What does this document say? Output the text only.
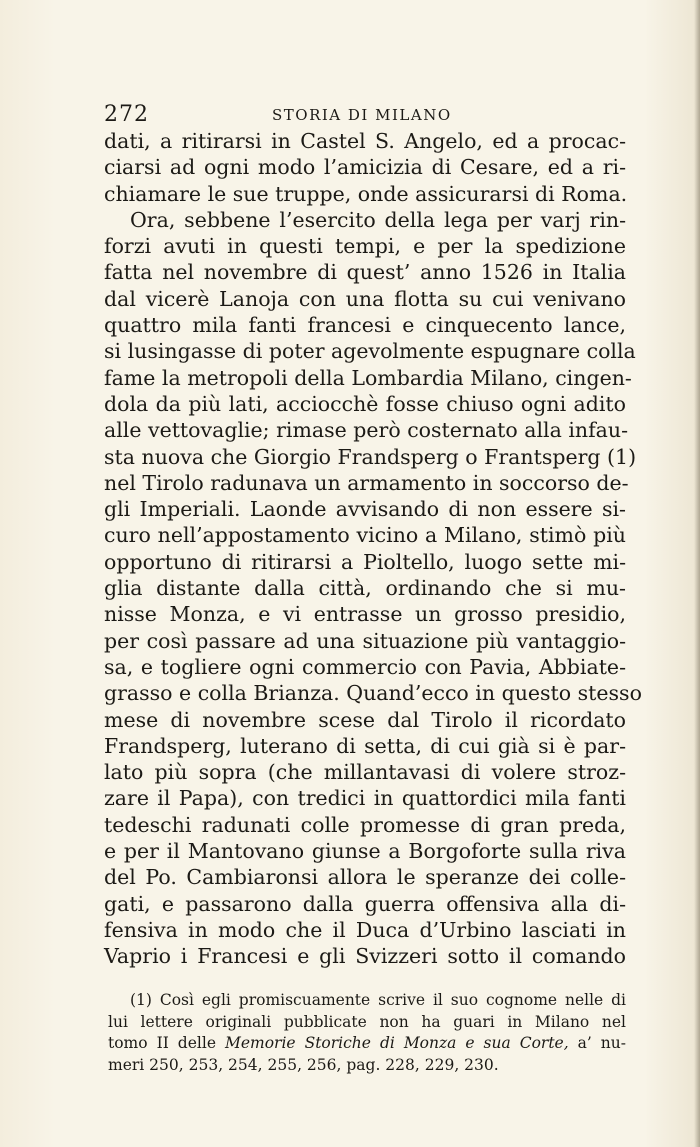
272	STORIA DI MILANO
dati, a ritirarsi in Castel S. Angelo, ed a procac-
ciarsi ad ogni modo l’amicizia di Cesare, ed a ri-
chiamare le sue truppe, onde assicurarsi di Roma.
Ora, sebbene l’esercito della lega per varj rin-
forzi avuti in questi tempi, e per la spedizione
fatta nel novembre di quest’ anno 1526 in Italia
dal vicerè Lanoja con una flotta su cui venivano
quattro mila fanti francesi e cinquecento lance,
si lusingasse di poter agevolmente espugnare colla
fame la metropoli della Lombardia Milano, cingen-
dola da più lati, acciocchè fosse chiuso ogni adito
alle vettovaglie; rimase però costernato alla infau-
sta nuova che Giorgio Frandsperg o Frantsperg (1)
nel Tirolo radunava un armamento in soccorso de-
gli Imperiali. Laonde avvisando di non essere si-
curo nell’appostamento vicino a Milano, stimò più
opportuno di ritirarsi a Pioltello, luogo sette mi-
glia distante dalla città, ordinando che si mu-
nisse Monza, e vi entrasse un grosso presidio,
per così passare ad una situazione più vantaggio-
sa, e togliere ogni commercio con Pavia, Abbiate-
grasso e colla Brianza. Quand’ecco in questo stesso
mese di novembre scese dal Tirolo il ricordato
Frandsperg, luterano di setta, di cui già si è par-
lato più sopra (che millantavasi di volere stroz-
zare il Papa), con tredici in quattordici mila fanti
tedeschi radunati colle promesse di gran preda,
e per il Mantovano giunse a Borgoforte sulla riva
del Po. Cambiaronsi allora le speranze dei colle-
gati, e passarono dalla guerra offensiva alla di-
fensiva in modo che il Duca d’Urbino lasciati in
Vaprio i Francesi e gli Svizzeri sotto il comando
(1) Così egli promiscuamente scrive il suo cognome nelle di
lui lettere originali pubblicate non ha guari in Milano nel
tomo II delle Memorie Storiche di Monza e sua Corte, a’ nu-
meri 250, 253, 254, 255, 256, pag. 228, 229, 230.
